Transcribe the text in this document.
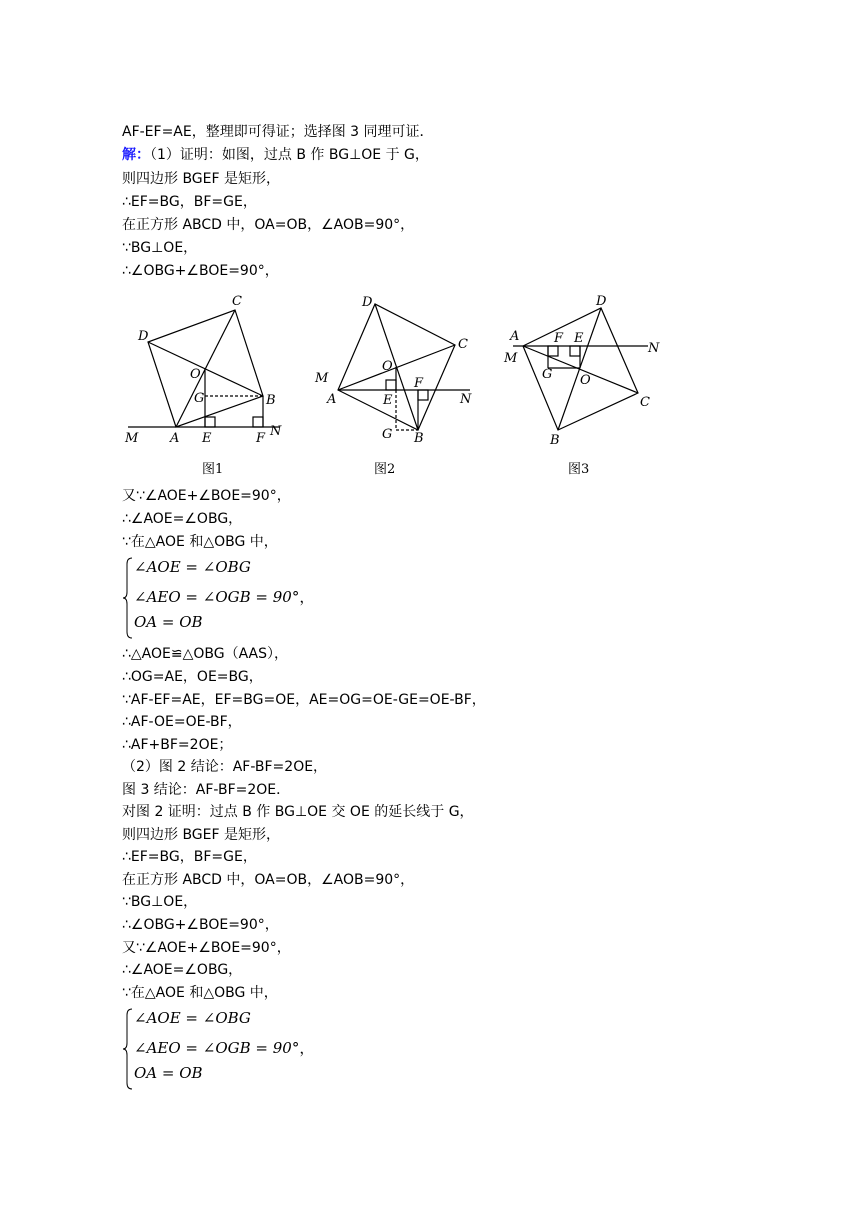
AF-EF=AE，整理即可得证；选择图 3 同理可证．
解：（1）证明：如图，过点 B 作 BG⊥OE 于 G，
则四边形 BGEF 是矩形，
∴EF=BG，BF=GE，
在正方形 ABCD 中，OA=OB，∠AOB=90°，
∵BG⊥OE，
∴∠OBG+∠BOE=90°，
C
D
O
G	B
M A E	F N
图1
D
C
O
M
A	E
F
N
G B
图2
D
A
M
F E
N
G O
C
B
图3
又∵∠AOE+∠BOE=90°，
∴∠AOE=∠OBG，
∵在△AOE 和△OBG 中，
∠AOE = ∠OBG
∠AEO = ∠OGB = 90°，
OA = OB
∴△AOE≌△OBG（AAS），
∴OG=AE，OE=BG，
∵AF-EF=AE，EF=BG=OE，AE=OG=OE-GE=OE-BF，
∴AF-OE=OE-BF，
∴AF+BF=2OE；
（2）图 2 结论：AF-BF=2OE，
图 3 结论：AF-BF=2OE．
对图 2 证明：过点 B 作 BG⊥OE 交 OE 的延长线于 G，
则四边形 BGEF 是矩形，
∴EF=BG，BF=GE，
在正方形 ABCD 中，OA=OB，∠AOB=90°，
∵BG⊥OE，
∴∠OBG+∠BOE=90°，
又∵∠AOE+∠BOE=90°，
∴∠AOE=∠OBG，
∵在△AOE 和△OBG 中，
∠AOE = ∠OBG
∠AEO = ∠OGB = 90°，
OA = OB
